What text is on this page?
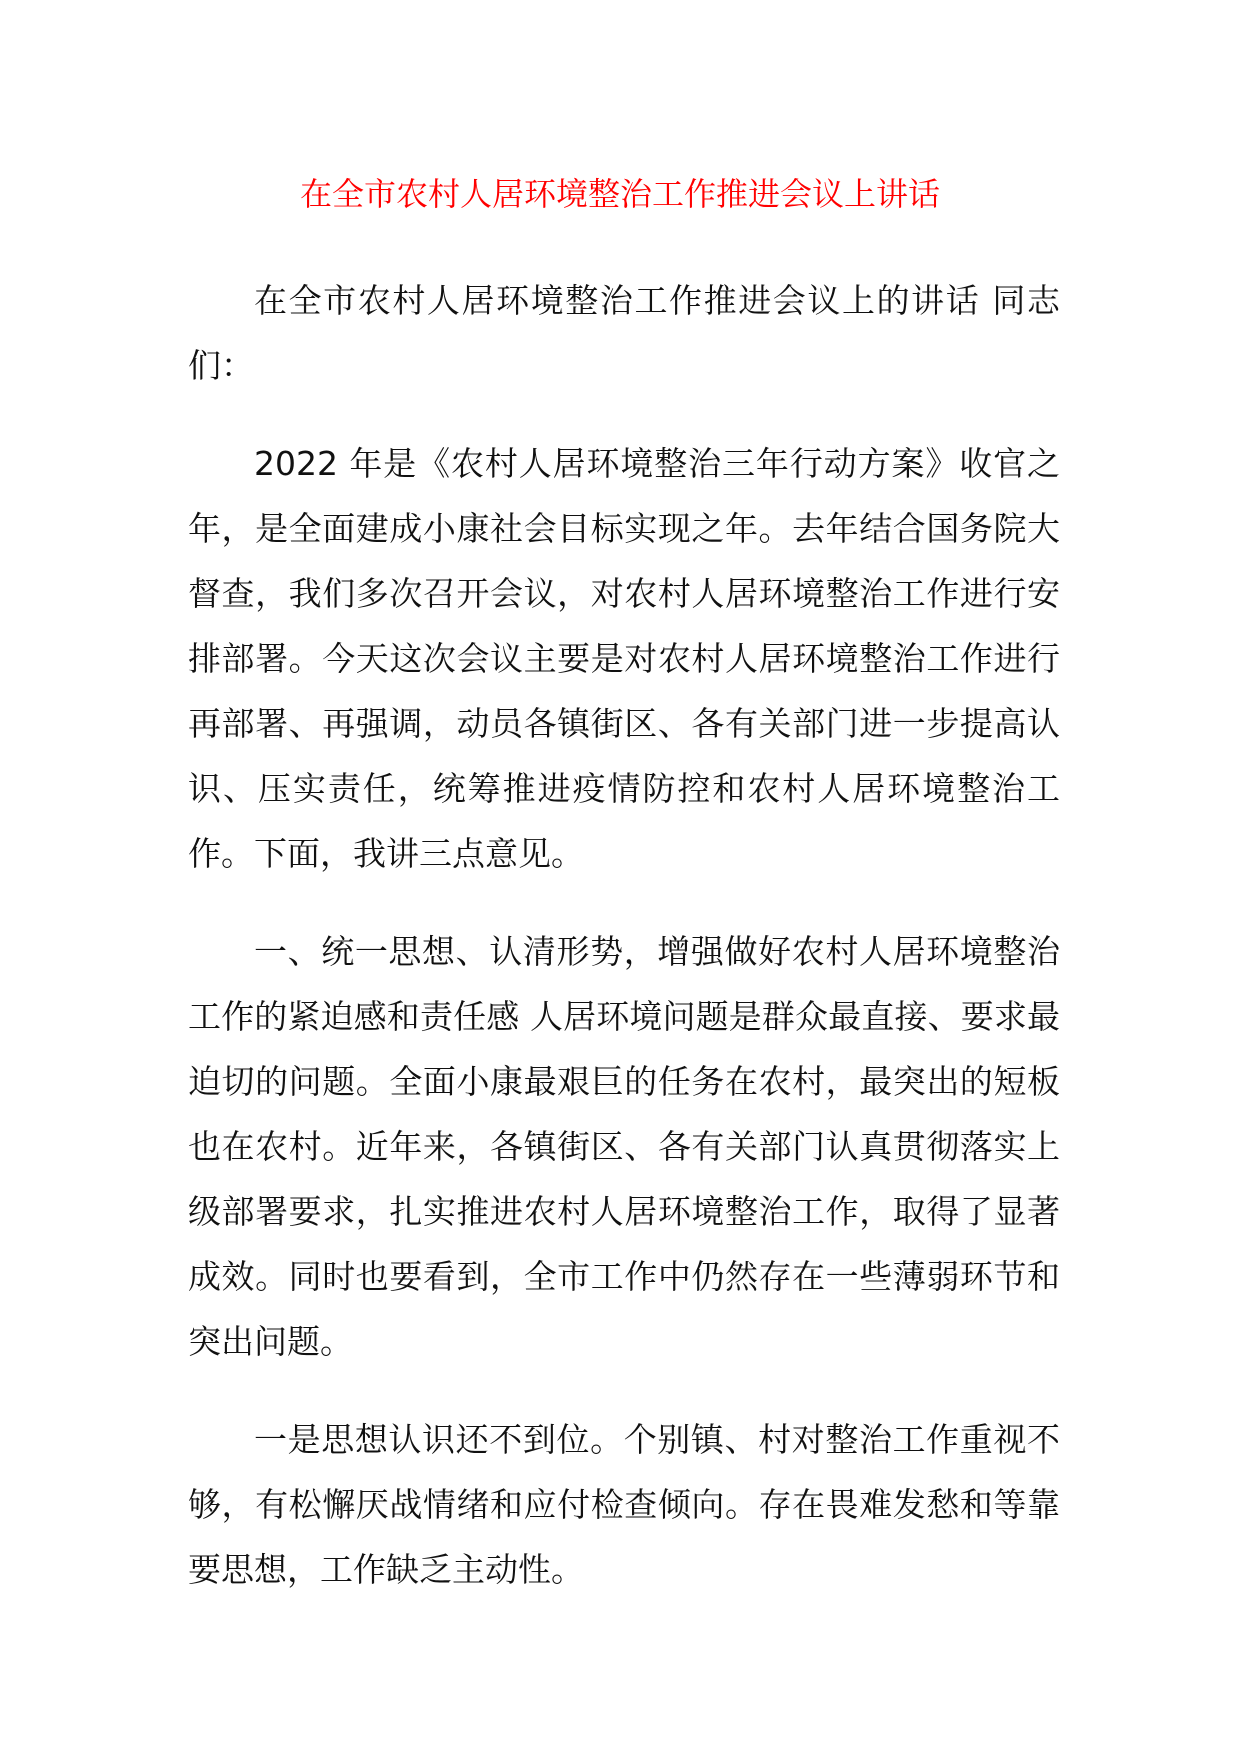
在全市农村人居环境整治工作推进会议上讲话

在全市农村人居环境整治工作推进会议上的讲话 同志们：

2022 年是《农村人居环境整治三年行动方案》收官之年，是全面建成小康社会目标实现之年。去年结合国务院大督查，我们多次召开会议，对农村人居环境整治工作进行安排部署。今天这次会议主要是对农村人居环境整治工作进行再部署、再强调，动员各镇街区、各有关部门进一步提高认识、压实责任，统筹推进疫情防控和农村人居环境整治工作。下面，我讲三点意见。

一、统一思想、认清形势，增强做好农村人居环境整治工作的紧迫感和责任感 人居环境问题是群众最直接、要求最迫切的问题。全面小康最艰巨的任务在农村，最突出的短板也在农村。近年来，各镇街区、各有关部门认真贯彻落实上级部署要求，扎实推进农村人居环境整治工作，取得了显著成效。同时也要看到，全市工作中仍然存在一些薄弱环节和突出问题。

一是思想认识还不到位。个别镇、村对整治工作重视不够，有松懈厌战情绪和应付检查倾向。存在畏难发愁和等靠要思想，工作缺乏主动性。
